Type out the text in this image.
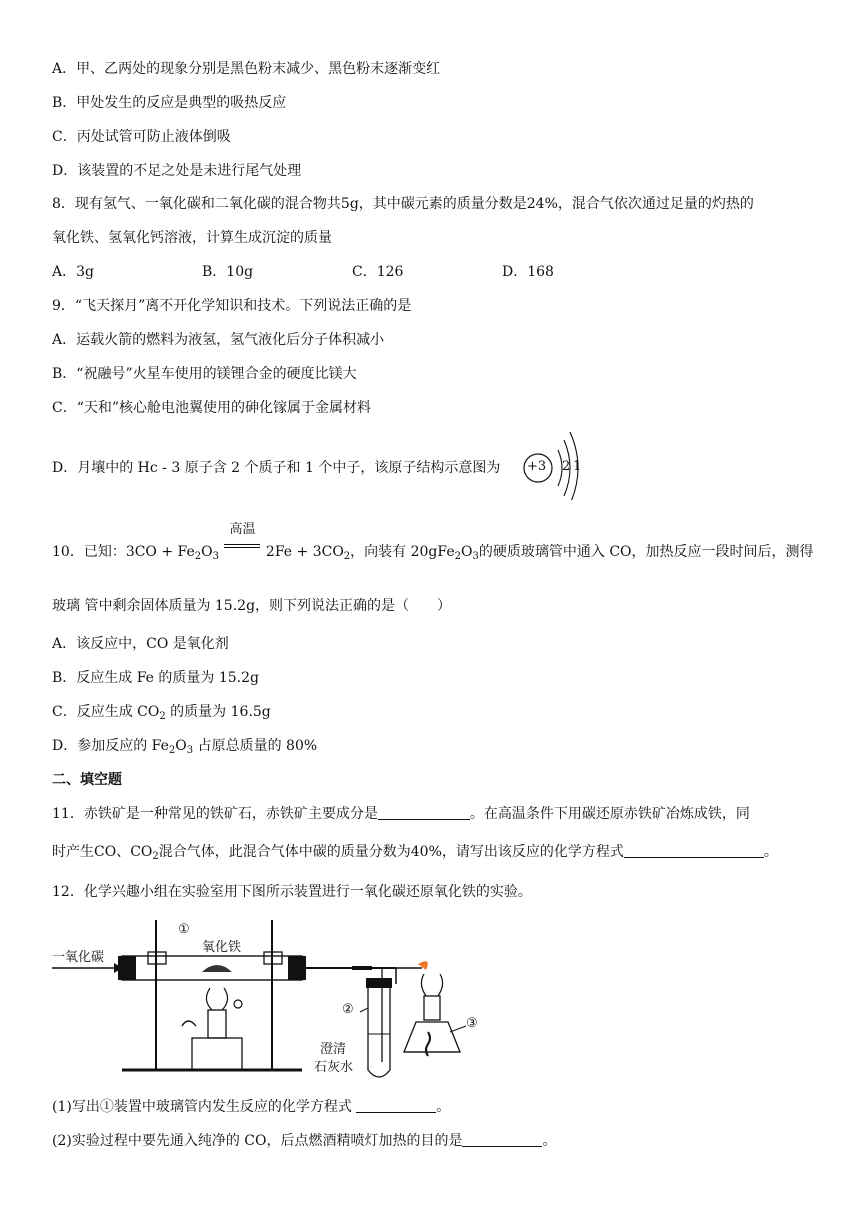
A．甲、乙两处的现象分别是黑色粉末减少、黑色粉末逐渐变红
B．甲处发生的反应是典型的吸热反应
C．丙处试管可防止液体倒吸
D．该装置的不足之处是未进行尾气处理
8．现有氢气、一氧化碳和二氧化碳的混合物共5g，其中碳元素的质量分数是24%，混合气依次通过足量的灼热的
氧化铁、氢氧化钙溶液，计算生成沉淀的质量
A．3g	B．10g	C．126	D．168
9．“飞天探月”离不开化学知识和技术。下列说法正确的是
A．运载火箭的燃料为液氢，氢气液化后分子体积减小
B．“祝融号”火星车使用的镁锂合金的硬度比镁大
C．“天和”核心舱电池翼使用的砷化镓属于金属材料
D．月壤中的 Hc - 3 原子含 2 个质子和 1 个中子，该原子结构示意图为 +3 2 1
10．已知：$3CO + Fe_2O_3$
高温
$2Fe + 3CO_2$，向装有 $20gFe_2O_3$的硬质玻璃管中通入 CO，加热反应一段时间后，测得
玻璃 管中剩余固体质量为 15.2g，则下列说法正确的是（　　）
A．该反应中，CO 是氧化剂
B．反应生成 Fe 的质量为 15.2g
C．反应生成 $CO_2$ 的质量为 16.5g
D．参加反应的 $Fe_2O_3$ 占原总质量的 80%
二、填空题
11．赤铁矿是一种常见的铁矿石，赤铁矿主要成分是	。在高温条件下用碳还原赤铁矿冶炼成铁，同
时产生CO、$CO_2$混合气体，此混合气体中碳的质量分数为40%，请写出该反应的化学方程式	。
12．化学兴趣小组在实验室用下图所示装置进行一氧化碳还原氧化铁的实验。
一氧化碳
氧化铁
①
②
③
澄清
石灰水
(1)写出①装置中玻璃管内发生反应的化学方程式	。
(2)实验过程中要先通入纯净的 CO，后点燃酒精喷灯加热的目的是	。
